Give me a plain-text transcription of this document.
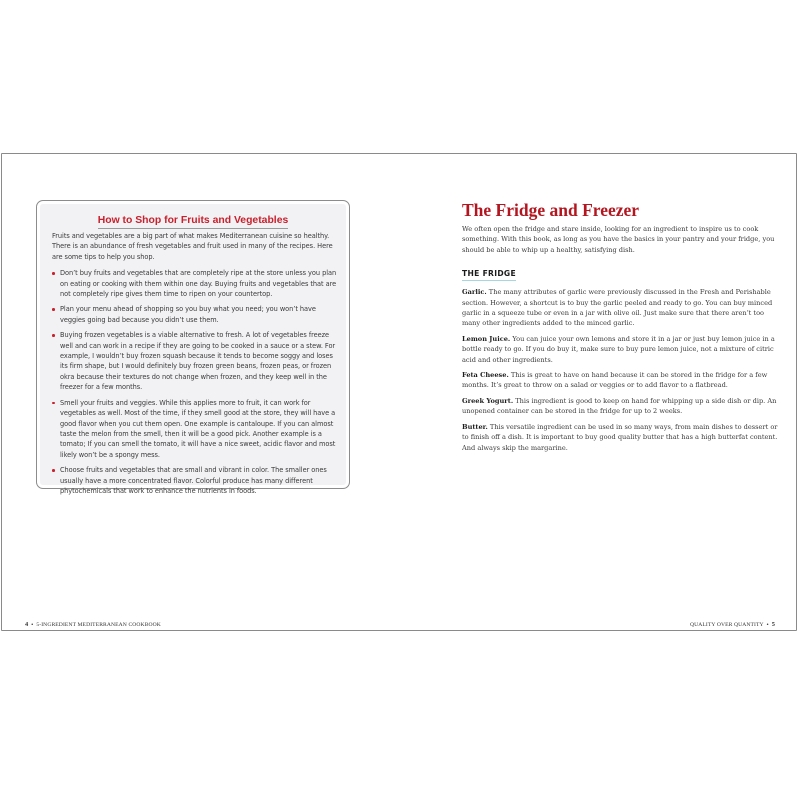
How to Shop for Fruits and Vegetables

Fruits and vegetables are a big part of what makes Mediterranean cuisine so healthy. There is an abundance of fresh vegetables and fruit used in many of the recipes. Here are some tips to help you shop.

Don’t buy fruits and vegetables that are completely ripe at the store unless you plan on eating or cooking with them within one day. Buying fruits and vegetables that are not completely ripe gives them time to ripen on your countertop.
Plan your menu ahead of shopping so you buy what you need; you won’t have veggies going bad because you didn’t use them.
Buying frozen vegetables is a viable alternative to fresh. A lot of vegetables freeze well and can work in a recipe if they are going to be cooked in a sauce or a stew. For example, I wouldn’t buy frozen squash because it tends to become soggy and loses its firm shape, but I would definitely buy frozen green beans, frozen peas, or frozen okra because their textures do not change when frozen, and they keep well in the freezer for a few months.
Smell your fruits and veggies. While this applies more to fruit, it can work for vegetables as well. Most of the time, if they smell good at the store, they will have a good flavor when you cut them open. One example is cantaloupe. If you can almost taste the melon from the smell, then it will be a good pick. Another example is a tomato; If you can smell the tomato, it will have a nice sweet, acidic flavor and most likely won’t be a spongy mess.
Choose fruits and vegetables that are small and vibrant in color. The smaller ones usually have a more concentrated flavor. Colorful produce has many different phytochemicals that work to enhance the nutrients in foods.
The Fridge and Freezer

We often open the fridge and stare inside, looking for an ingredient to inspire us to cook something. With this book, as long as you have the basics in your pantry and your fridge, you should be able to whip up a healthy, satisfying dish.

THE FRIDGE

Garlic. The many attributes of garlic were previously discussed in the Fresh and Perishable section. However, a shortcut is to buy the garlic peeled and ready to go. You can buy minced garlic in a squeeze tube or even in a jar with olive oil. Just make sure that there aren’t too many other ingredients added to the minced garlic.

Lemon Juice. You can juice your own lemons and store it in a jar or just buy lemon juice in a bottle ready to go. If you do buy it, make sure to buy pure lemon juice, not a mixture of citric acid and other ingredients.

Feta Cheese. This is great to have on hand because it can be stored in the fridge for a few months. It’s great to throw on a salad or veggies or to add flavor to a flatbread.

Greek Yogurt. This ingredient is good to keep on hand for whipping up a side dish or dip. An unopened container can be stored in the fridge for up to 2 weeks.

Butter. This versatile ingredient can be used in so many ways, from main dishes to dessert or to finish off a dish. It is important to buy good quality butter that has a high butterfat content. And always skip the margarine.

4 • 5-INGREDIENT MEDITERRANEAN COOKBOOK	QUALITY OVER QUANTITY • 5
